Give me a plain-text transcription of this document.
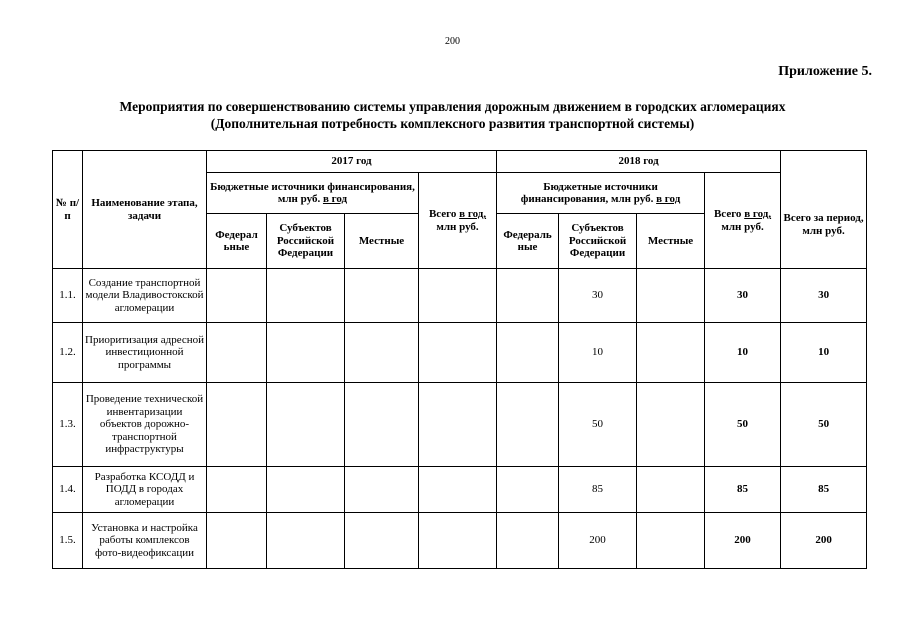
200
Приложение 5.
Мероприятия по совершенствованию системы управления дорожным движением в городских агломерациях
(Дополнительная потребность комплексного развития транспортной системы)
№ п/п	Наименование этапа, задачи	2017 год				2018 год				Всего за период, млн руб.
		Бюджетные источники финансирования, млн руб. в год			Всего в год, млн руб.	Бюджетные источники финансирования, млн руб. в год			Всего в год, млн руб.	
		Федерал ьные	Субъектов Российской Федерации	Местные		Федераль ные	Субъектов Российской Федерации	Местные		
1.1.	Создание транспортной модели Владивостокской агломерации						30		30	30
1.2.	Приоритизация адресной инвестиционной программы						10		10	10
1.3.	Проведение технической инвентаризации объектов дорожно-транспортной инфраструктуры						50		50	50
1.4.	Разработка КСОДД и ПОДД в городах агломерации						85		85	85
1.5.	Установка и настройка работы комплексов фото-видеофиксации						200		200	200
